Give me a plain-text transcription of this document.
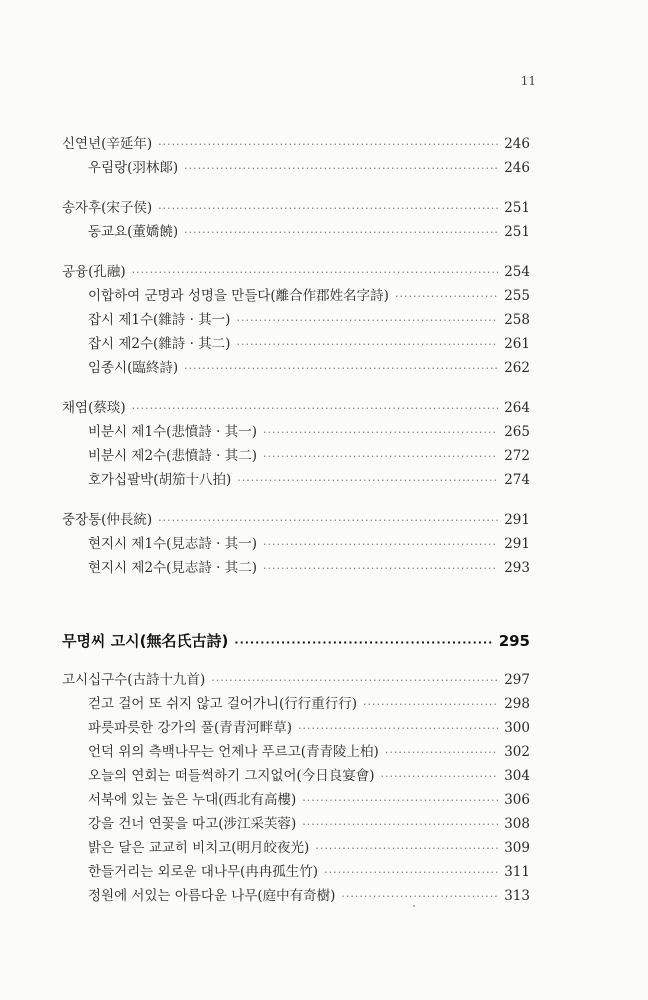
11
신연년(辛延年) ·····	246
우림랑(羽林郞) ·····	246
송자후(宋子侯) ·····	251
동교요(董嬌饒) ·····	251
공융(孔融) ·····	254
이합하여 군명과 성명을 만들다(離合作郡姓名字詩) ·····	255
잡시 제1수(雜詩 · 其一) ·····	258
잡시 제2수(雜詩 · 其二) ·····	261
임종시(臨終詩) ·····	262
채염(蔡琰) ·····	264
비분시 제1수(悲憤詩 · 其一) ·····	265
비분시 제2수(悲憤詩 · 其二) ·····	272
호가십팔박(胡笳十八拍) ·····	274
중장통(仲長統) ·····	291
현지시 제1수(見志詩 · 其一) ·····	291
현지시 제2수(見志詩 · 其二) ·····	293
무명씨 고시(無名氏古詩) ·····	295
고시십구수(古詩十九首) ·····	297
걷고 걸어 또 쉬지 않고 걸어가니(行行重行行) ·····	298
파릇파릇한 강가의 풀(青青河畔草) ·····	300
언덕 위의 측백나무는 언제나 푸르고(青青陵上柏) ·····	302
오늘의 연회는 떠들썩하기 그지없어(今日良宴會) ·····	304
서북에 있는 높은 누대(西北有高樓) ·····	306
강을 건너 연꽃을 따고(涉江采芙蓉) ·····	308
밝은 달은 교교히 비치고(明月皎夜光) ·····	309
한들거리는 외로운 대나무(冉冉孤生竹) ·····	311
정원에 서있는 아름다운 나무(庭中有奇樹) ·····	313
